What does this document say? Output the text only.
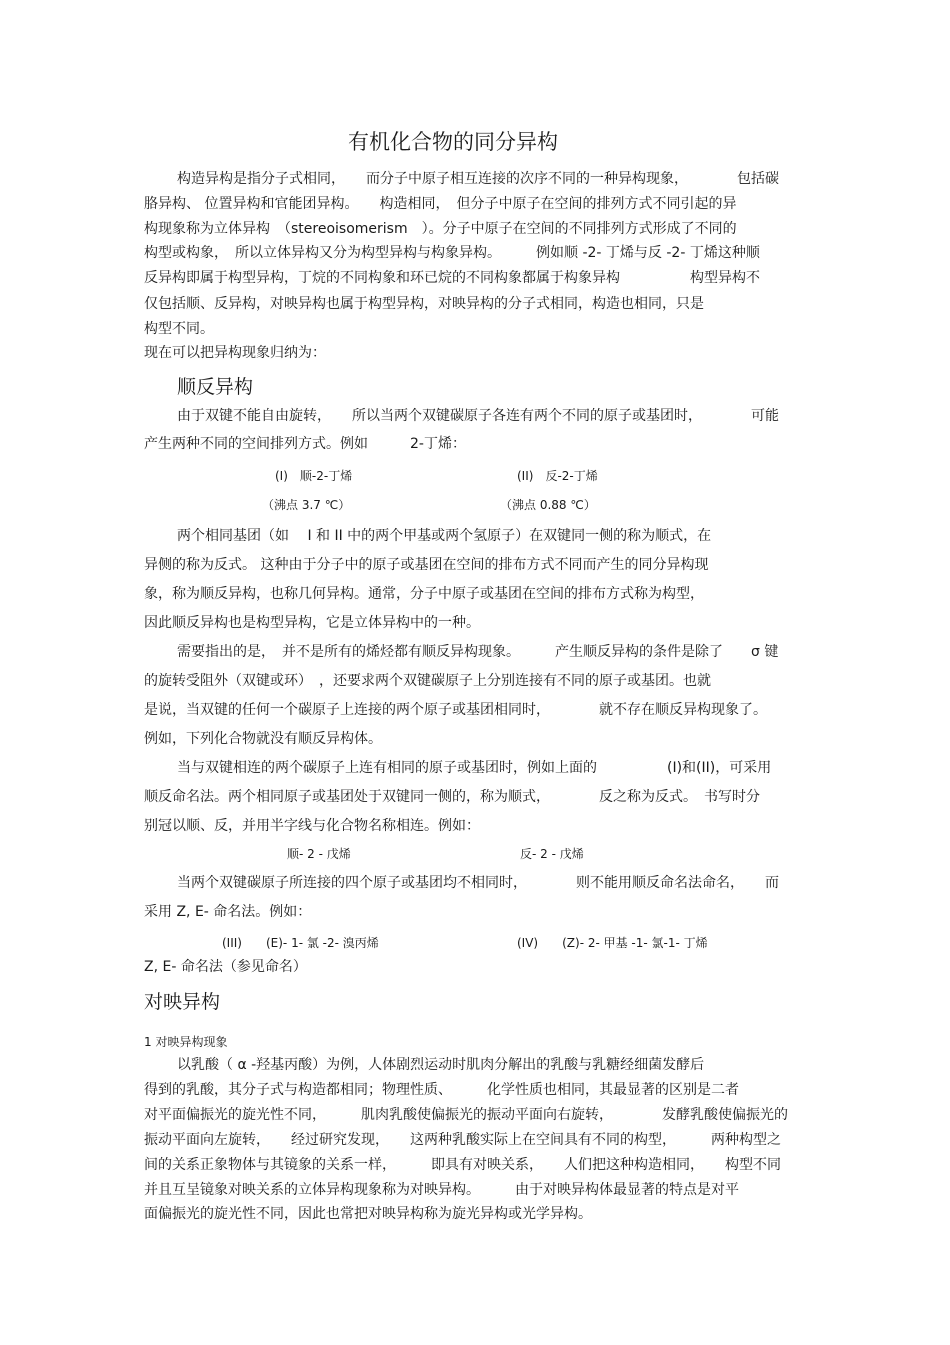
有机化合物的同分异构
构造异构是指分子式相同，　　而分子中原子相互连接的次序不同的一种异构现象，　　　　包括碳
胳异构、 位置异构和官能团异构。　　构造相同，　但分子中原子在空间的排列方式不同引起的异
构现象称为立体异构　（stereoisomerism　）。分子中原子在空间的不同排列方式形成了不同的
构型或构象，　所以立体异构又分为构型异构与构象异构。　　　例如顺 -2- 丁烯与反 -2- 丁烯这种顺
反异构即属于构型异构，丁烷的不同构象和环已烷的不同构象都属于构象异构　　　　　构型异构不
仅包括顺、反异构，对映异构也属于构型异构，对映异构的分子式相同，构造也相同，只是
构型不同。
现在可以把异构现象归纳为：
顺反异构
由于双键不能自由旋转，　　所以当两个双键碳原子各连有两个不同的原子或基团时，　　　　可能
产生两种不同的空间排列方式。例如　　　2-丁烯：
(I)　顺-2-丁烯	(II)　反-2-丁烯
（沸点 3.7 ℃）	（沸点 0.88 ℃）
两个相同基团（如　 I 和 II 中的两个甲基或两个氢原子）在双键同一侧的称为顺式，在
异侧的称为反式。 这种由于分子中的原子或基团在空间的排布方式不同而产生的同分异构现
象，称为顺反异构，也称几何异构。通常，分子中原子或基团在空间的排布方式称为构型，
因此顺反异构也是构型异构，它是立体异构中的一种。
需要指出的是，　并不是所有的烯烃都有顺反异构现象。　　　产生顺反异构的条件是除了　　σ 键
的旋转受阻外（双键或环）　，还要求两个双键碳原子上分别连接有不同的原子或基团。也就
是说，当双键的任何一个碳原子上连接的两个原子或基团相同时，　　　　就不存在顺反异构现象了。
例如，下列化合物就没有顺反异构体。
当与双键相连的两个碳原子上连有相同的原子或基团时，例如上面的　　　　　(I)和(II)，可采用
顺反命名法。两个相同原子或基团处于双键同一侧的，称为顺式，　　　　反之称为反式。　书写时分
别冠以顺、反，并用半字线与化合物名称相连。例如：
顺- 2 - 戊烯	反- 2 - 戊烯
当两个双键碳原子所连接的四个原子或基团均不相同时，　　　　则不能用顺反命名法命名，　　而
采用 Z, E- 命名法。例如：
(III)　　(E)- 1- 氯 -2- 溴丙烯	(IV)　　(Z)- 2- 甲基 -1- 氯-1- 丁烯
Z, E- 命名法（参见命名）
对映异构
1 对映异构现象
以乳酸（ α -羟基丙酸）为例，人体剧烈运动时肌肉分解出的乳酸与乳糖经细菌发酵后
得到的乳酸，其分子式与构造都相同；物理性质、　　　化学性质也相同，其最显著的区别是二者
对平面偏振光的旋光性不同，　　　肌肉乳酸使偏振光的振动平面向右旋转，　　　　发酵乳酸使偏振光的
振动平面向左旋转，　　经过研究发现，　　这两种乳酸实际上在空间具有不同的构型，　　　两种构型之
间的关系正象物体与其镜象的关系一样，　　　即具有对映关系，　　人们把这种构造相同，　　构型不同
并且互呈镜象对映关系的立体异构现象称为对映异构。　　　由于对映异构体最显著的特点是对平
面偏振光的旋光性不同，因此也常把对映异构称为旋光异构或光学异构。
